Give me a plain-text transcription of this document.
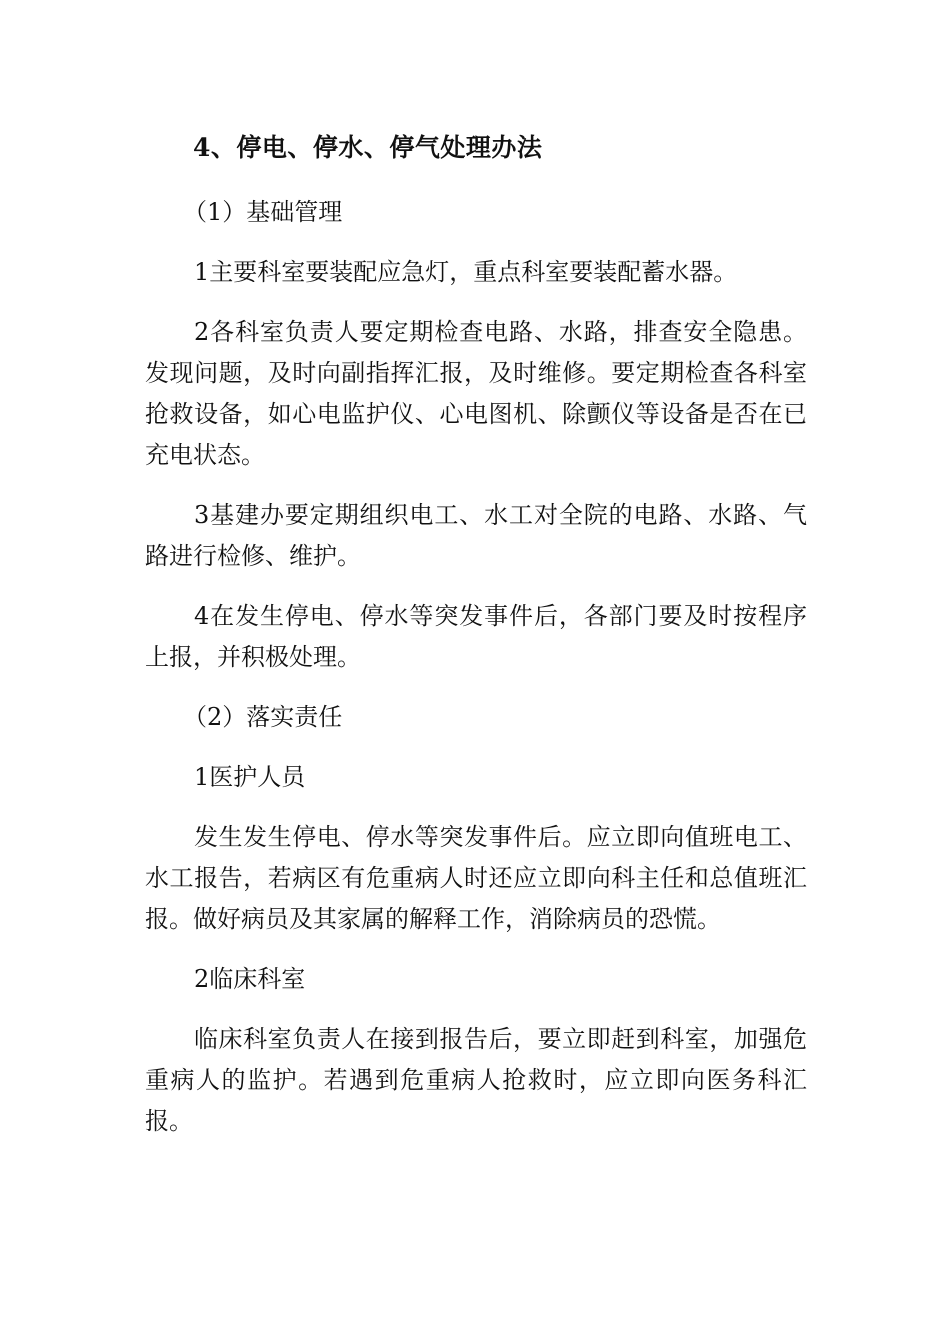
4、停电、停水、停气处理办法

（1）基础管理

1主要科室要装配应急灯，重点科室要装配蓄水器。

2各科室负责人要定期检查电路、水路，排查安全隐患。发现问题，及时向副指挥汇报，及时维修。要定期检查各科室抢救设备，如心电监护仪、心电图机、除颤仪等设备是否在已充电状态。

3基建办要定期组织电工、水工对全院的电路、水路、气路进行检修、维护。

4在发生停电、停水等突发事件后，各部门要及时按程序上报，并积极处理。

（2）落实责任

1医护人员

发生发生停电、停水等突发事件后。应立即向值班电工、水工报告，若病区有危重病人时还应立即向科主任和总值班汇报。做好病员及其家属的解释工作，消除病员的恐慌。

2临床科室

临床科室负责人在接到报告后，要立即赶到科室，加强危重病人的监护。若遇到危重病人抢救时，应立即向医务科汇报。
